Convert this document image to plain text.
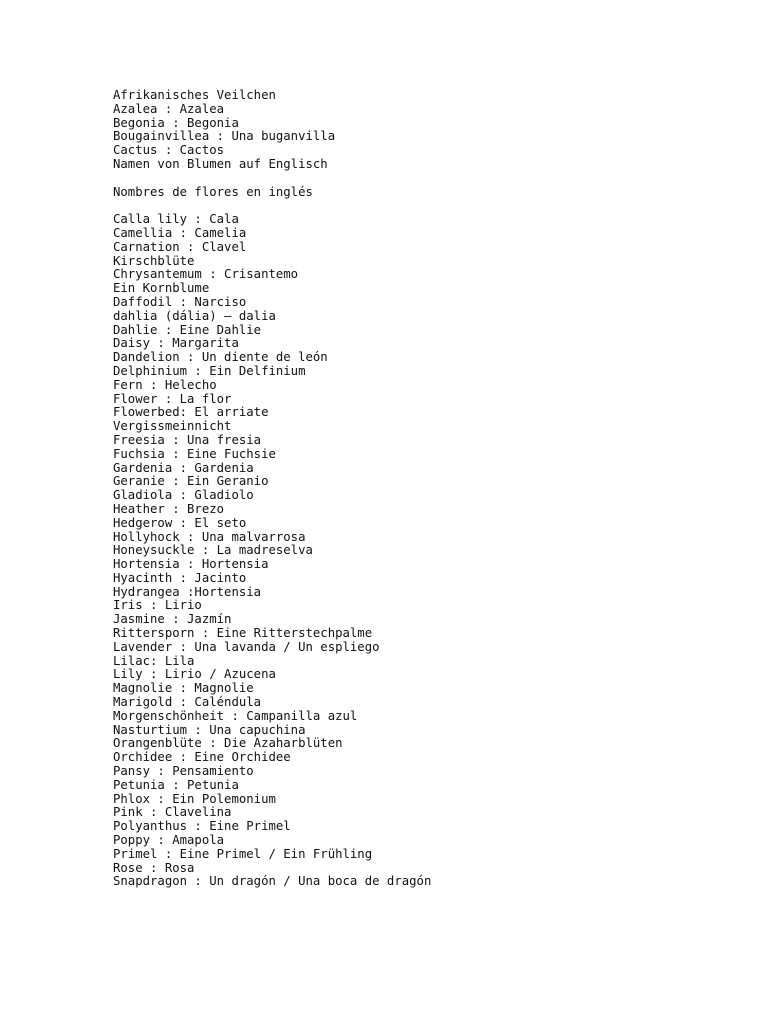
Afrikanisches Veilchen
Azalea : Azalea
Begonia : Begonia
Bougainvillea : Una buganvilla
Cactus : Cactos
Namen von Blumen auf Englisch
Nombres de flores en inglés
Calla lily : Cala
Camellia : Camelia
Carnation : Clavel
Kirschblüte
Chrysantemum : Crisantemo
Ein Kornblume
Daffodil : Narciso
dahlia (dália) – dalia
Dahlie : Eine Dahlie
Daisy : Margarita
Dandelion : Un diente de león
Delphinium : Ein Delfinium
Fern : Helecho
Flower : La flor
Flowerbed: El arriate
Vergissmeinnicht
Freesia : Una fresia
Fuchsia : Eine Fuchsie
Gardenia : Gardenia
Geranie : Ein Geranio
Gladiola : Gladiolo
Heather : Brezo
Hedgerow : El seto
Hollyhock : Una malvarrosa
Honeysuckle : La madreselva
Hortensia : Hortensia
Hyacinth : Jacinto
Hydrangea :Hortensia
Iris : Lirio
Jasmine : Jazmín
Rittersporn : Eine Ritterstechpalme
Lavender : Una lavanda / Un espliego
Lilac: Lila
Lily : Lirio / Azucena
Magnolie : Magnolie
Marigold : Caléndula
Morgenschönheit : Campanilla azul
Nasturtium : Una capuchina
Orangenblüte : Die Azaharblüten
Orchidee : Eine Orchidee
Pansy : Pensamiento
Petunia : Petunia
Phlox : Ein Polemonium
Pink : Clavelina
Polyanthus : Eine Primel
Poppy : Amapola
Primel : Eine Primel / Ein Frühling
Rose : Rosa
Snapdragon : Un dragón / Una boca de dragón
